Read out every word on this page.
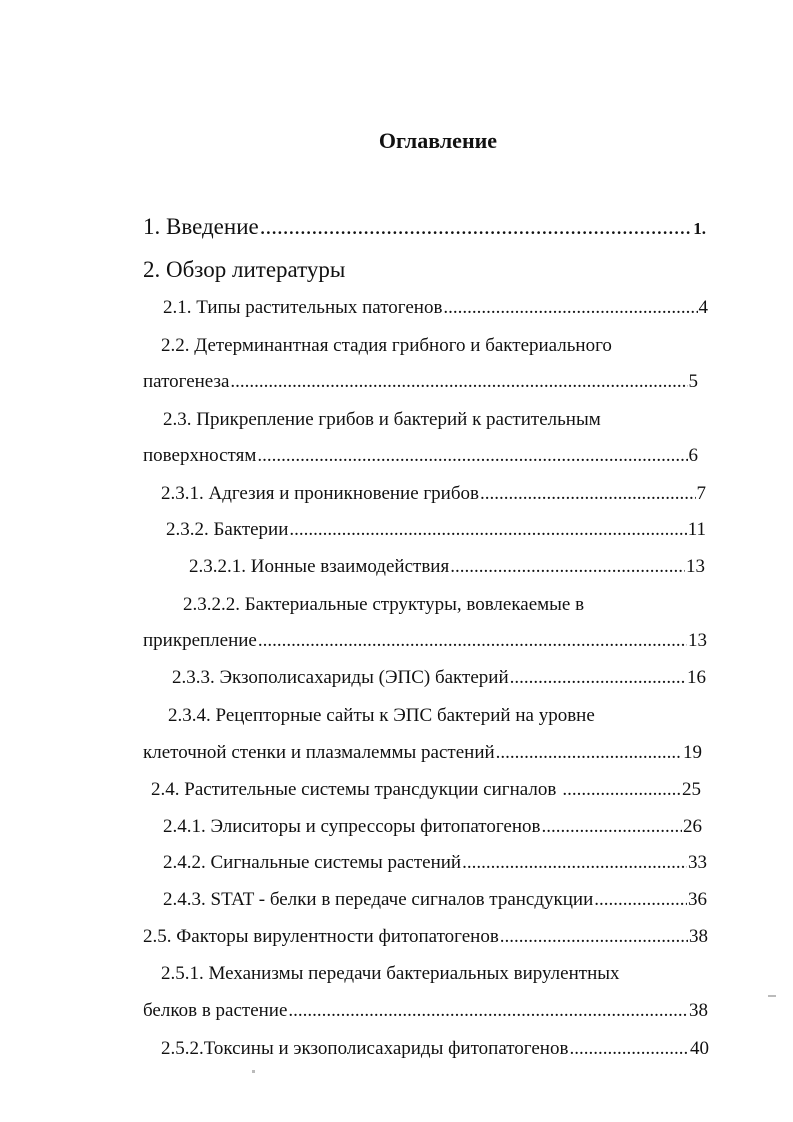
Оглавление
1. Введение .....	1.
2. Обзор литературы
2.1. Типы растительных патогенов .....	4
2.2. Детерминантная стадия грибного и бактериального
патогенеза .....	5
2.3. Прикрепление грибов и бактерий к растительным
поверхностям .....	6
2.3.1. Адгезия и проникновение грибов .....	7
2.3.2. Бактерии .....	11
2.3.2.1. Ионные взаимодействия .....	13
2.3.2.2. Бактериальные структуры, вовлекаемые в
прикрепление .....	13
2.3.3. Экзополисахариды (ЭПС) бактерий .....	16
2.3.4. Рецепторные сайты к ЭПС бактерий на уровне
клеточной стенки и плазмалеммы растений .....	19
2.4. Растительные системы трансдукции сигналов .....	25
2.4.1. Элиситоры и супрессоры фитопатогенов .....	26
2.4.2. Сигнальные системы растений .....	33
2.4.3. STAT - белки в передаче сигналов трансдукции .....	36
2.5. Факторы вирулентности фитопатогенов .....	38
2.5.1. Механизмы передачи бактериальных вирулентных
белков в растение .....	38
2.5.2.Токсины и экзополисахариды фитопатогенов .....	40
